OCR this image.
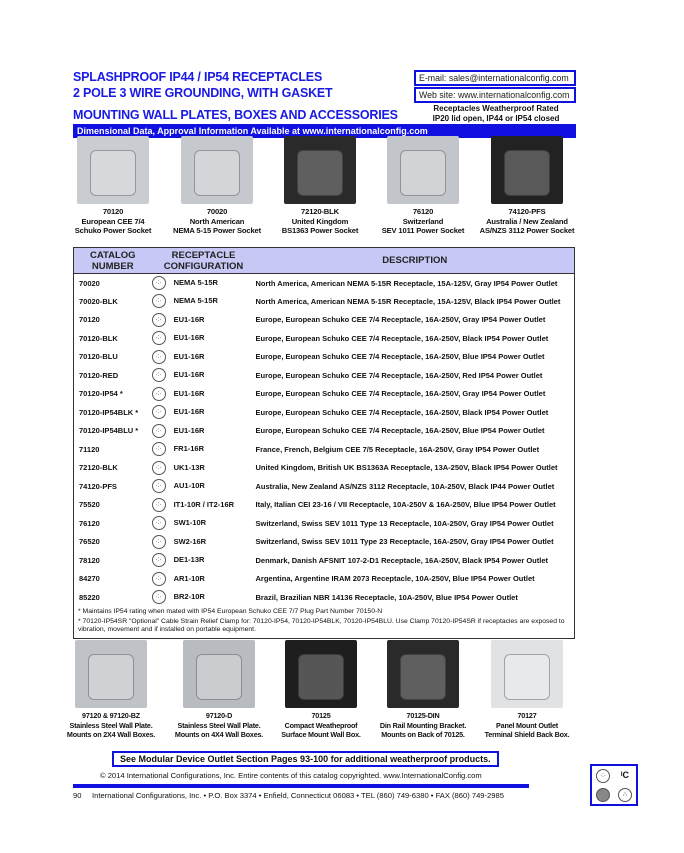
SPLASHPROOF IP44 / IP54 RECEPTACLES
2 POLE 3 WIRE GROUNDING, WITH GASKET
MOUNTING WALL PLATES, BOXES AND ACCESSORIES
E-mail: sales@internationalconfig.com
Web site: www.internationalconfig.com
Receptacles Weatherproof Rated
IP20 lid open, IP44 or IP54 closed
Dimensional Data, Approval Information Available at www.internationalconfig.com
70120
European CEE 7/4
Schuko Power Socket
70020
North American
NEMA 5-15 Power Socket
72120-BLK
United Kingdom
BS1363 Power Socket
76120
Switzerland
SEV 1011 Power Socket
74120-PFS
Australia / New Zealand
AS/NZS 3112 Power Socket
CATALOG
NUMBER	RECEPTACLE
CONFIGURATION	DESCRIPTION
70020	·:· NEMA 5-15R	North America, American NEMA 5-15R Receptacle, 15A-125V, Gray IP54 Power Outlet
70020-BLK	·:· NEMA 5-15R	North America, American NEMA 5-15R Receptacle, 15A-125V, Black IP54 Power Outlet
70120	·:· EU1-16R	Europe, European Schuko CEE 7/4 Receptacle, 16A-250V, Gray IP54 Power Outlet
70120-BLK	·:· EU1-16R	Europe, European Schuko CEE 7/4 Receptacle, 16A-250V, Black IP54 Power Outlet
70120-BLU	·:· EU1-16R	Europe, European Schuko CEE 7/4 Receptacle, 16A-250V, Blue IP54 Power Outlet
70120-RED	·:· EU1-16R	Europe, European Schuko CEE 7/4 Receptacle, 16A-250V, Red IP54 Power Outlet
70120-IP54 *	·:· EU1-16R	Europe, European Schuko CEE 7/4 Receptacle, 16A-250V, Gray IP54 Power Outlet
70120-IP54BLK *	·:· EU1-16R	Europe, European Schuko CEE 7/4 Receptacle, 16A-250V, Black IP54 Power Outlet
70120-IP54BLU *	·:· EU1-16R	Europe, European Schuko CEE 7/4 Receptacle, 16A-250V, Blue IP54 Power Outlet
71120	·:· FR1-16R	France, French, Belgium CEE 7/5 Receptacle, 16A-250V, Gray IP54 Power Outlet
72120-BLK	·:· UK1-13R	United Kingdom, British UK BS1363A Receptacle, 13A-250V, Black IP54 Power Outlet
74120-PFS	·:· AU1-10R	Australia, New Zealand AS/NZS 3112 Receptacle, 10A-250V, Black IP44 Power Outlet
75520	·:· IT1-10R / IT2-16R	Italy, Italian CEI 23-16 / VII Receptacle, 10A-250V & 16A-250V, Blue IP54 Power Outlet
76120	·:· SW1-10R	Switzerland, Swiss SEV 1011 Type 13 Receptacle, 10A-250V, Gray IP54 Power Outlet
76520	·:· SW2-16R	Switzerland, Swiss SEV 1011 Type 23 Receptacle, 16A-250V, Gray IP54 Power Outlet
78120	·:· DE1-13R	Denmark, Danish AFSNIT 107-2-D1 Receptacle, 16A-250V, Black IP54 Power Outlet
84270	·:· AR1-10R	Argentina, Argentine IRAM 2073 Receptacle, 10A-250V, Blue IP54 Power Outlet
85220	·:· BR2-10R	Brazil, Brazilian NBR 14136 Receptacle, 10A-250V, Blue IP54 Power Outlet

* Maintains IP54 rating when mated with IP54 European Schuko CEE 7/7 Plug Part Number 70150-N
* 70120-IP54SR "Optional" Cable Strain Relief Clamp for: 70120-IP54, 70120-IP54BLK, 70120-IP54BLU. Use Clamp 70120-IP54SR if receptacles are exposed to vibration, movement and if installed on portable equipment.		
97120 & 97120-BZ
Stainless Steel Wall Plate.
Mounts on 2X4 Wall Boxes.
97120-D
Stainless Steel Wall Plate.
Mounts on 4X4 Wall Boxes.
70125
Compact Weatheproof
Surface Mount Wall Box.
70125-DIN
Din Rail Mounting Bracket.
Mounts on Back of 70125.
70127
Panel Mount Outlet
Terminal Shield Back Box.
See Modular Device Outlet Section Pages 93-100 for additional weatherproof products.
© 2014 International Configurations, Inc. Entire contents of this catalog copyrighted. www.InternationalConfig.com
90 International Configurations, Inc. • P.O. Box 3374 • Enfield, Connecticut 06083 • TEL (860) 749-6380 • FAX (860) 749-2985
·:·	ᴵC
∴
